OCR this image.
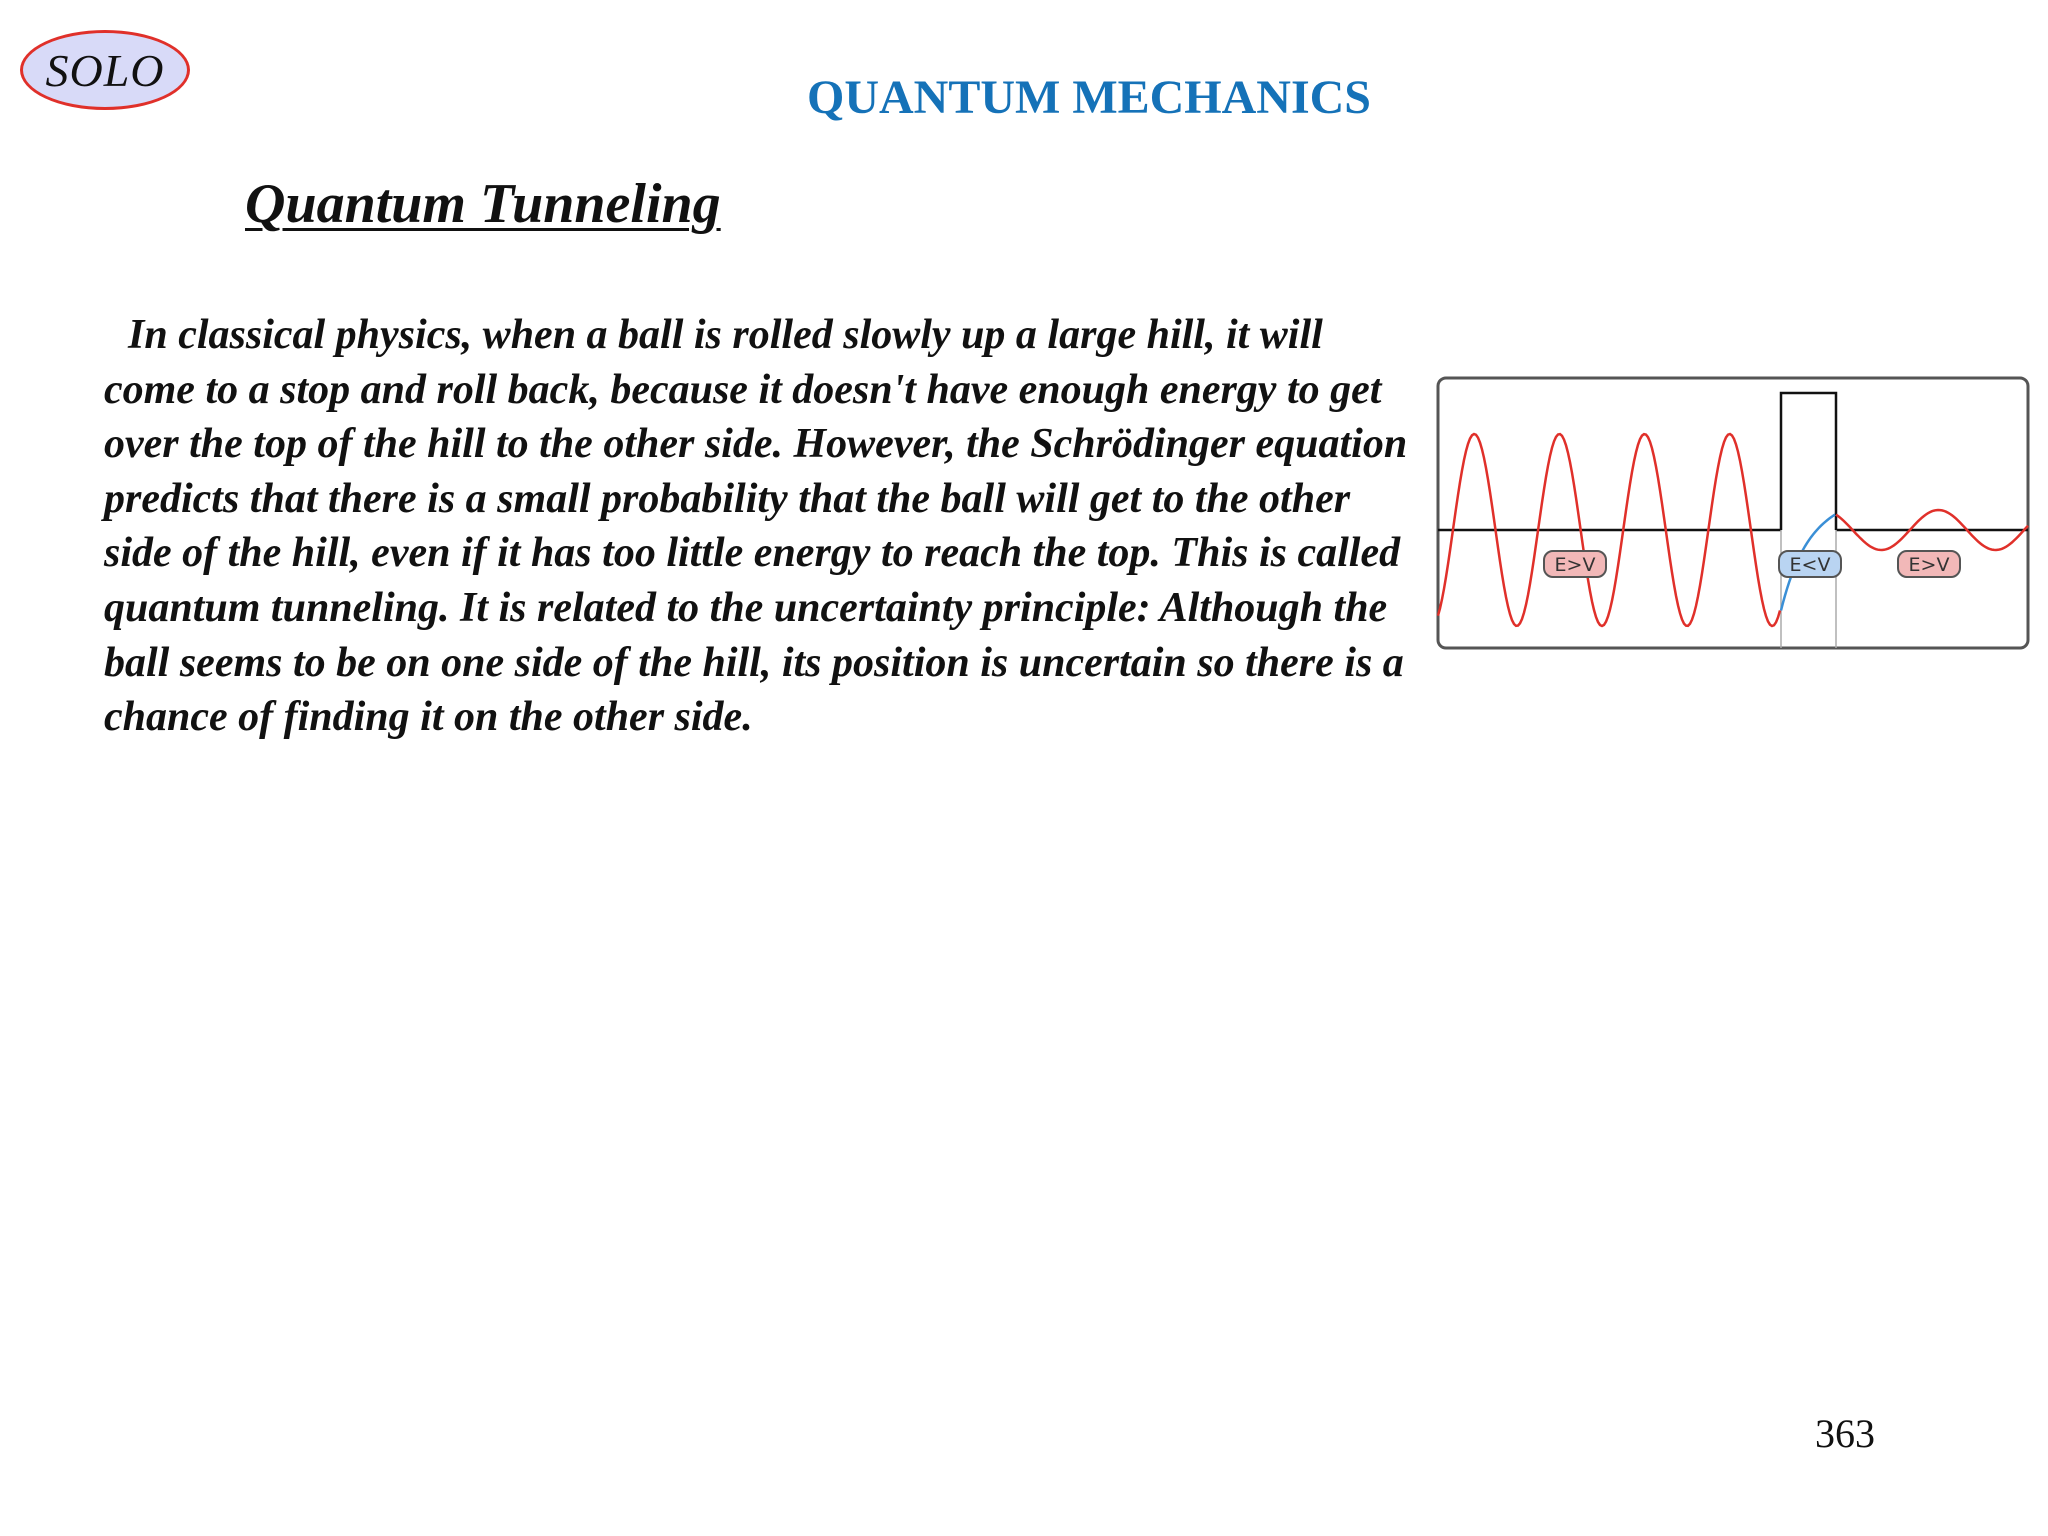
SOLO
QUANTUM MECHANICS
Quantum Tunneling

In classical physics, when a ball is rolled slowly up a large hill, it will come to a stop and roll back, because it doesn't have enough energy to get over the top of the hill to the other side. However, the Schrödinger equation predicts that there is a small probability that the ball will get to the other side of the hill, even if it has too little energy to reach the top. This is called quantum tunneling. It is related to the uncertainty principle: Although the ball seems to be on one side of the hill, its position is uncertain so there is a chance of finding it on the other side.

E>V	E<V	E>V
363
